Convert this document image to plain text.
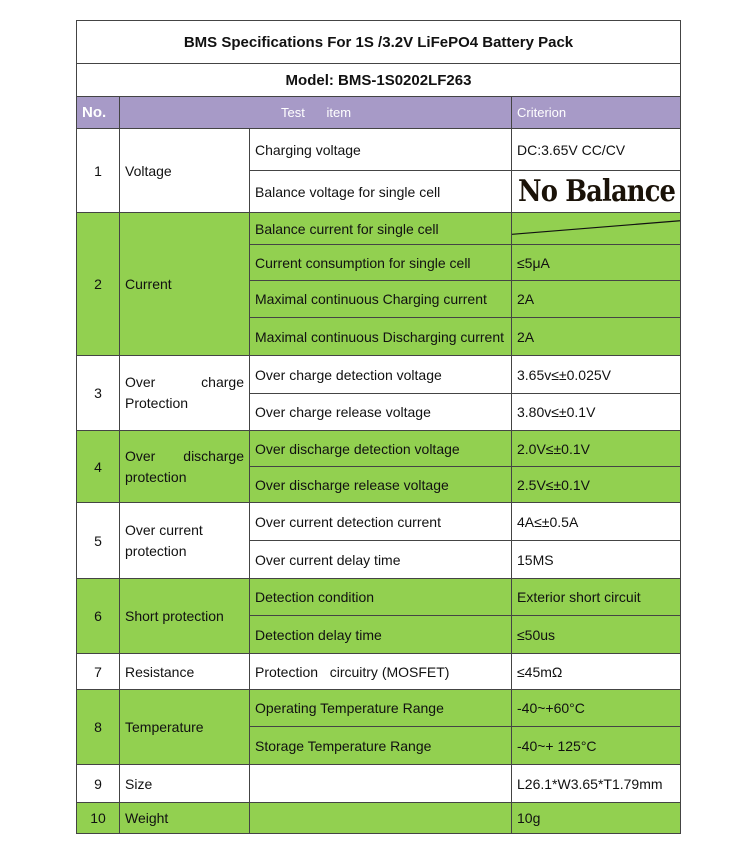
BMS Specifications For 1S /3.2V LiFePO4 Battery Pack			
Model: BMS-1S0202LF263			
No.	Test      item		Criterion
1	Voltage	Charging voltage	DC:3.65V CC/CV
		Balance voltage for single cell	No Balance

2	Current	Balance current for single cell	

		Current consumption for single cell	≤5μA
		Maximal continuous Charging current	2A
		Maximal continuous Discharging current	2A
3	Over charge Protection	Over charge detection voltage	3.65v≤±0.025V
		Over charge release voltage	3.80v≤±0.1V
4	Over discharge protection	Over discharge detection voltage	2.0V≤±0.1V
		Over discharge release voltage	2.5V≤±0.1V
5	Over current protection	Over current detection current	4A≤±0.5A
		Over current delay time	15MS
6	Short protection	Detection condition	Exterior short circuit
		Detection delay time	≤50us
7	Resistance	Protection   circuitry (MOSFET)	≤45mΩ
8	Temperature	Operating Temperature Range	-40~+60°C
		Storage Temperature Range	-40~+ 125°C
9	Size		L26.1*W3.65*T1.79mm
10	Weight		10g
